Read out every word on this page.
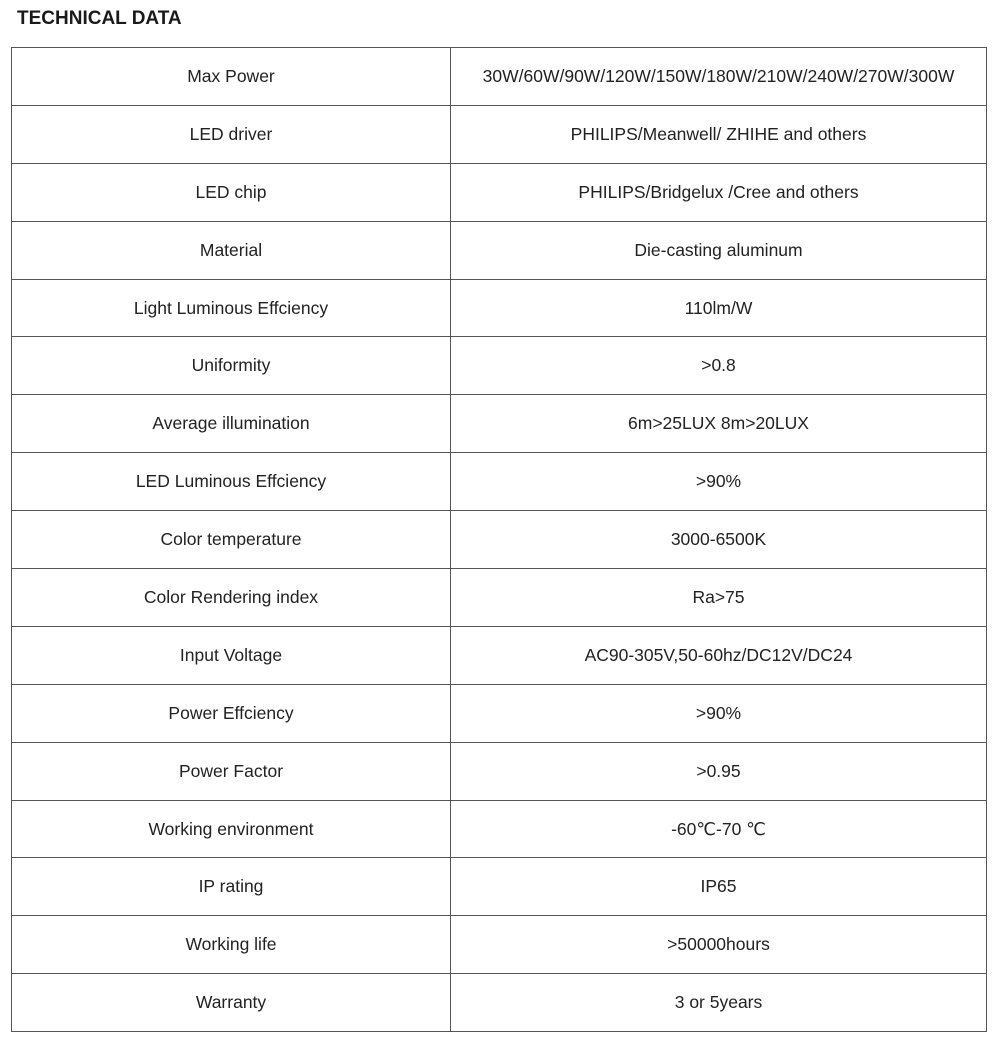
TECHNICAL DATA
Max Power	30W/60W/90W/120W/150W/180W/210W/240W/270W/300W
LED driver	PHILIPS/Meanwell/ ZHIHE and others
LED chip	PHILIPS/Bridgelux /Cree and others
Material	Die-casting aluminum
Light Luminous Effciency	110lm/W
Uniformity	>0.8
Average illumination	6m>25LUX 8m>20LUX
LED Luminous Effciency	>90%
Color temperature	3000-6500K
Color Rendering index	Ra>75
Input Voltage	AC90-305V,50-60hz/DC12V/DC24
Power Effciency	>90%
Power Factor	>0.95
Working environment	-60℃-70 ℃
IP rating	IP65
Working life	>50000hours
Warranty	3 or 5years
